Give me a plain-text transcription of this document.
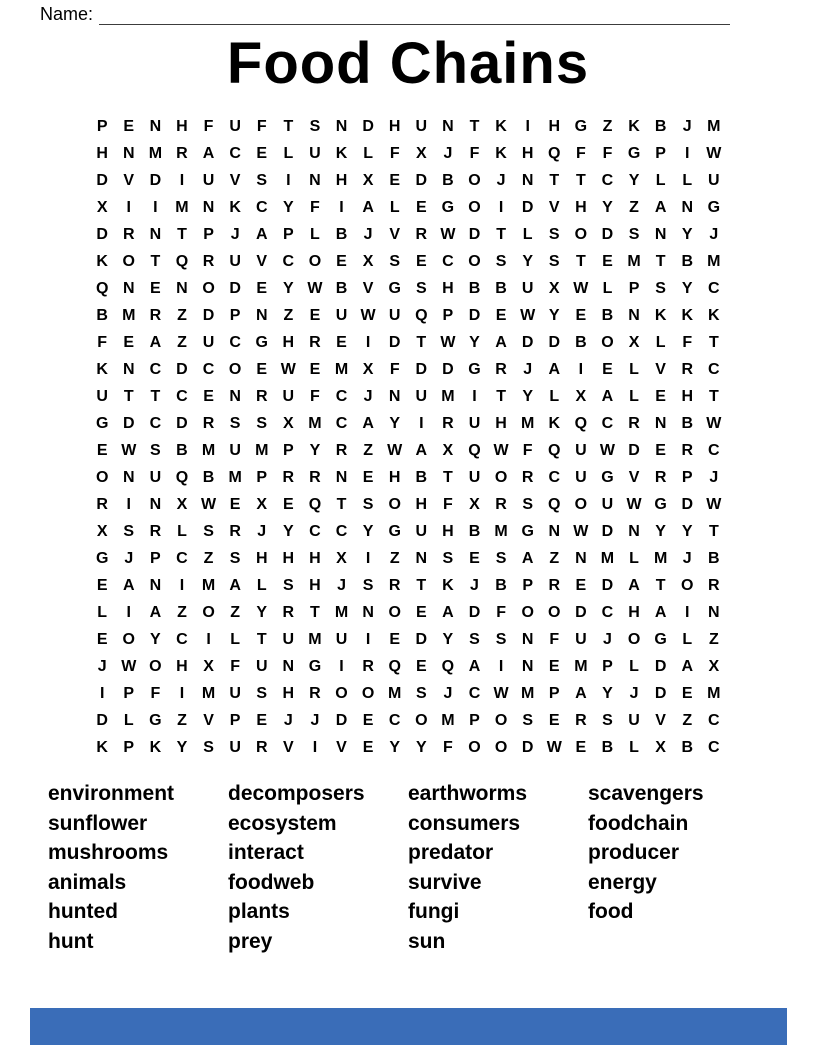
Name:
Food Chains
P E N H F U F	T	S N D H U N T K	I	H G Z K B	J M
H N M R A C E	L U K L	F	X	J	F K H Q F	F G P	I	W
D V D	I	U V S	I	N H X E D B O J	N T	T C Y	L	L U
X	I	I	M N K C Y	F	I	A L	E G O	I	D V H Y	Z A N G
D R N T	P	J	A P	L B	J	V R W D T	L	S O D S N Y	J
K O T Q R U V C O E X S E C O S Y S	T	E M T B M
Q N E N O D E Y W B V G S H B B U X W L	P S Y C
B M R Z D P N Z	E U W U Q P D E W Y E B N K K K
F	E A Z U C G H R E	I	D T W Y A D D B O X	L	F	T
K N C D C O E W E M X	F D D G R	J	A	I	E	L	V R C
U T	T C E N R U F C	J	N U M	I	T	Y	L	X A L	E H T
G D C D R S S X M C A Y	I	R U H M K Q C R N B W
E W S B M U M P Y R Z W A X Q W F Q U W D E R C
O N U Q B M P R R N E H B T U O R C U G V R P	J
R	I	N X W E X E Q T	S O H F	X R S Q O U W G D W
X S R L	S R	J	Y C C Y G U H B M G N W D N Y Y	T
G J	P C Z	S H H H X	I	Z N S E S A Z N M L M J	B
E A N	I	M A L	S H	J	S R T K	J	B P R E D A T O R
L	I	A Z O Z	Y R T M N O E A D F O O D C H A	I	N
E O Y C	I	L	T U M U	I	E D Y S S N F U	J O G L	Z
J W O H X	F U N G	I	R Q E Q A	I	N E M P	L D A X
I	P	F	I	M U S H R O O M S	J	C W M P A Y	J	D E M
D L G Z	V P E	J	J	D E C O M P O S E R S U V	Z C
K P K Y S U R V	I	V E Y Y	F O O D W E B L	X B C
environment
sunflower
mushrooms
animals
hunted
hunt
decomposers
ecosystem
interact
foodweb
plants
prey
earthworms
consumers
predator
survive
fungi
sun
scavengers
foodchain
producer
energy
food
